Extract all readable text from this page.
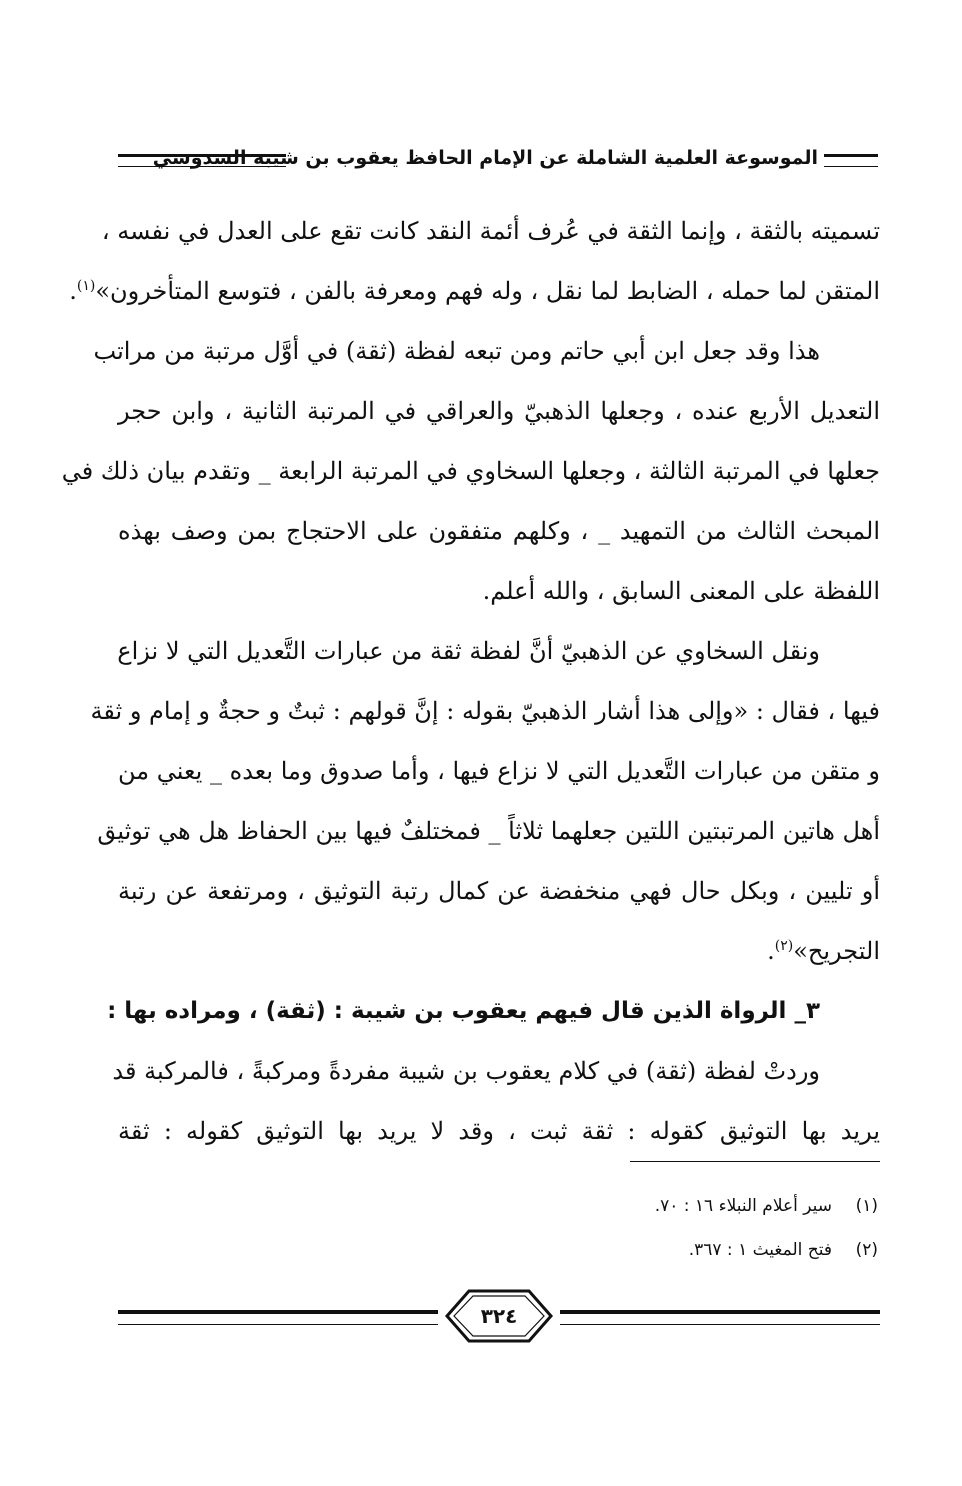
الموسوعة العلمية الشاملة عن الإمام الحافظ يعقوب بن شيبة السدوسي
تسميته بالثقة ، وإنما الثقة في عُرف أئمة النقد كانت تقع على العدل في نفسه ،
المتقن لما حمله ، الضابط لما نقل ، وله فهم ومعرفة بالفن ، فتوسع المتأخرون»$^{(١)}$.
هذا وقد جعل ابن أبي حاتم ومن تبعه لفظة (ثقة) في أوَّل مرتبة من مراتب
التعديل الأربع عنده ، وجعلها الذهبيّ والعراقي في المرتبة الثانية ، وابن حجر
جعلها في المرتبة الثالثة ، وجعلها السخاوي في المرتبة الرابعة _ وتقدم بيان ذلك في
المبحث الثالث من التمهيد _ ، وكلهم متفقون على الاحتجاج بمن وصف بهذه
اللفظة على المعنى السابق ، والله أعلم.
ونقل السخاوي عن الذهبيّ أنَّ لفظة ثقة من عبارات التَّعديل التي لا نزاع
فيها ، فقال : «وإلى هذا أشار الذهبيّ بقوله : إنَّ قولهم : ثبتٌ و حجةٌ و إمام و ثقة
و متقن من عبارات التَّعديل التي لا نزاع فيها ، وأما صدوق وما بعده _ يعني من
أهل هاتين المرتبتين اللتين جعلهما ثلاثاً _ فمختلفٌ فيها بين الحفاظ هل هي توثيق
أو تليين ، وبكل حال فهي منخفضة عن كمال رتبة التوثيق ، ومرتفعة عن رتبة
التجريح»$^{(٢)}$.
٣_ الرواة الذين قال فيهم يعقوب بن شيبة : (ثقة) ، ومراده بها :
وردتْ لفظة (ثقة) في كلام يعقوب بن شيبة مفردةً ومركبةً ، فالمركبة قد
يريد بها التوثيق كقوله : ثقة ثبت ، وقد لا يريد بها التوثيق كقوله : ثقة
(١)سير أعلام النبلاء ١٦ : ٧٠.
(٢)فتح المغيث ١ : ٣٦٧.
٣٢٤
